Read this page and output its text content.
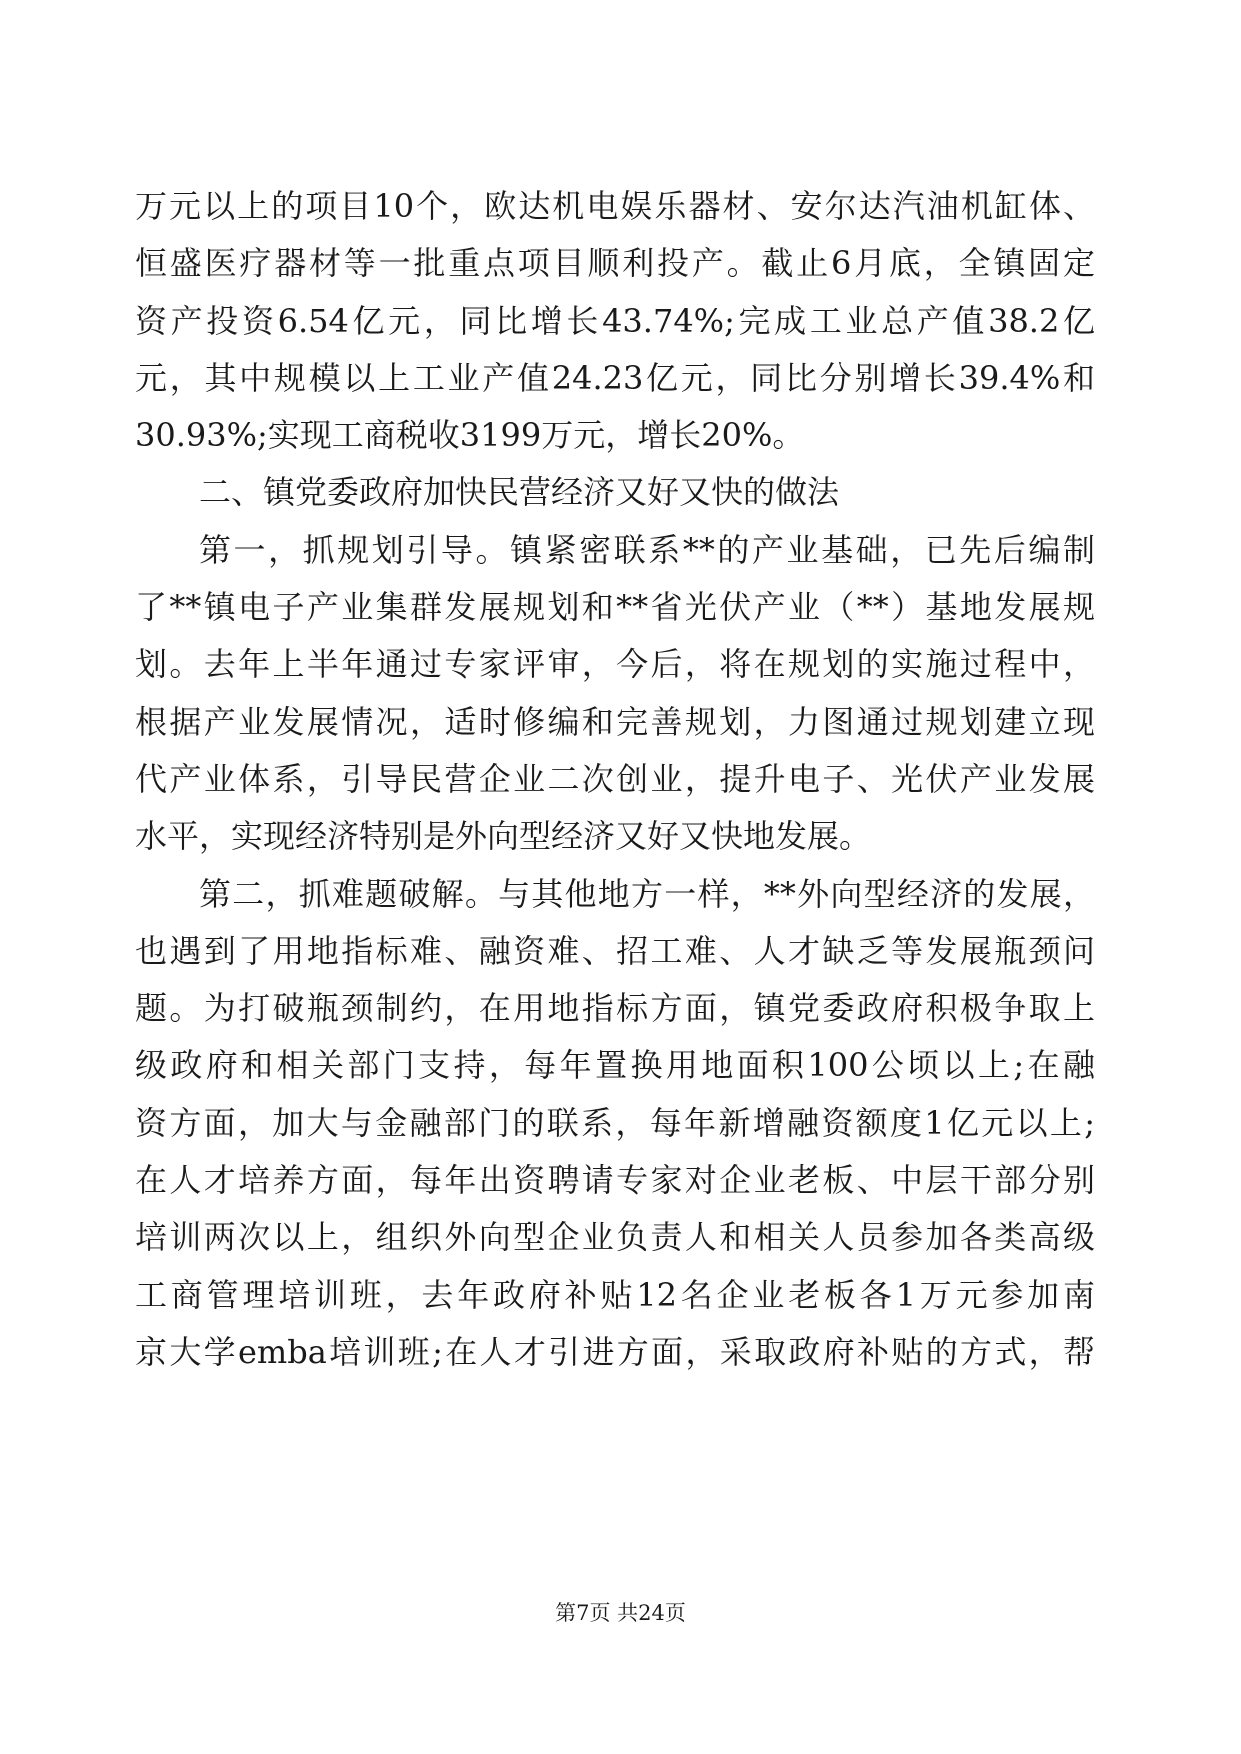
万元以上的项目10个，欧达机电娱乐器材、安尔达汽油机缸体、
恒盛医疗器材等一批重点项目顺利投产。截止6月底，全镇固定
资产投资6.54亿元，同比增长43.74%;完成工业总产值38.2亿
元，其中规模以上工业产值24.23亿元，同比分别增长39.4%和
30.93%;实现工商税收3199万元，增长20%。
二、镇党委政府加快民营经济又好又快的做法
第一，抓规划引导。镇紧密联系**的产业基础，已先后编制
了**镇电子产业集群发展规划和**省光伏产业（**）基地发展规
划。去年上半年通过专家评审，今后，将在规划的实施过程中，
根据产业发展情况，适时修编和完善规划，力图通过规划建立现
代产业体系，引导民营企业二次创业，提升电子、光伏产业发展
水平，实现经济特别是外向型经济又好又快地发展。
第二，抓难题破解。与其他地方一样，**外向型经济的发展，
也遇到了用地指标难、融资难、招工难、人才缺乏等发展瓶颈问
题。为打破瓶颈制约，在用地指标方面，镇党委政府积极争取上
级政府和相关部门支持，每年置换用地面积100公顷以上;在融
资方面，加大与金融部门的联系，每年新增融资额度1亿元以上;
在人才培养方面，每年出资聘请专家对企业老板、中层干部分别
培训两次以上，组织外向型企业负责人和相关人员参加各类高级
工商管理培训班，去年政府补贴12名企业老板各1万元参加南
京大学emba培训班;在人才引进方面，采取政府补贴的方式，帮
第7页 共24页
